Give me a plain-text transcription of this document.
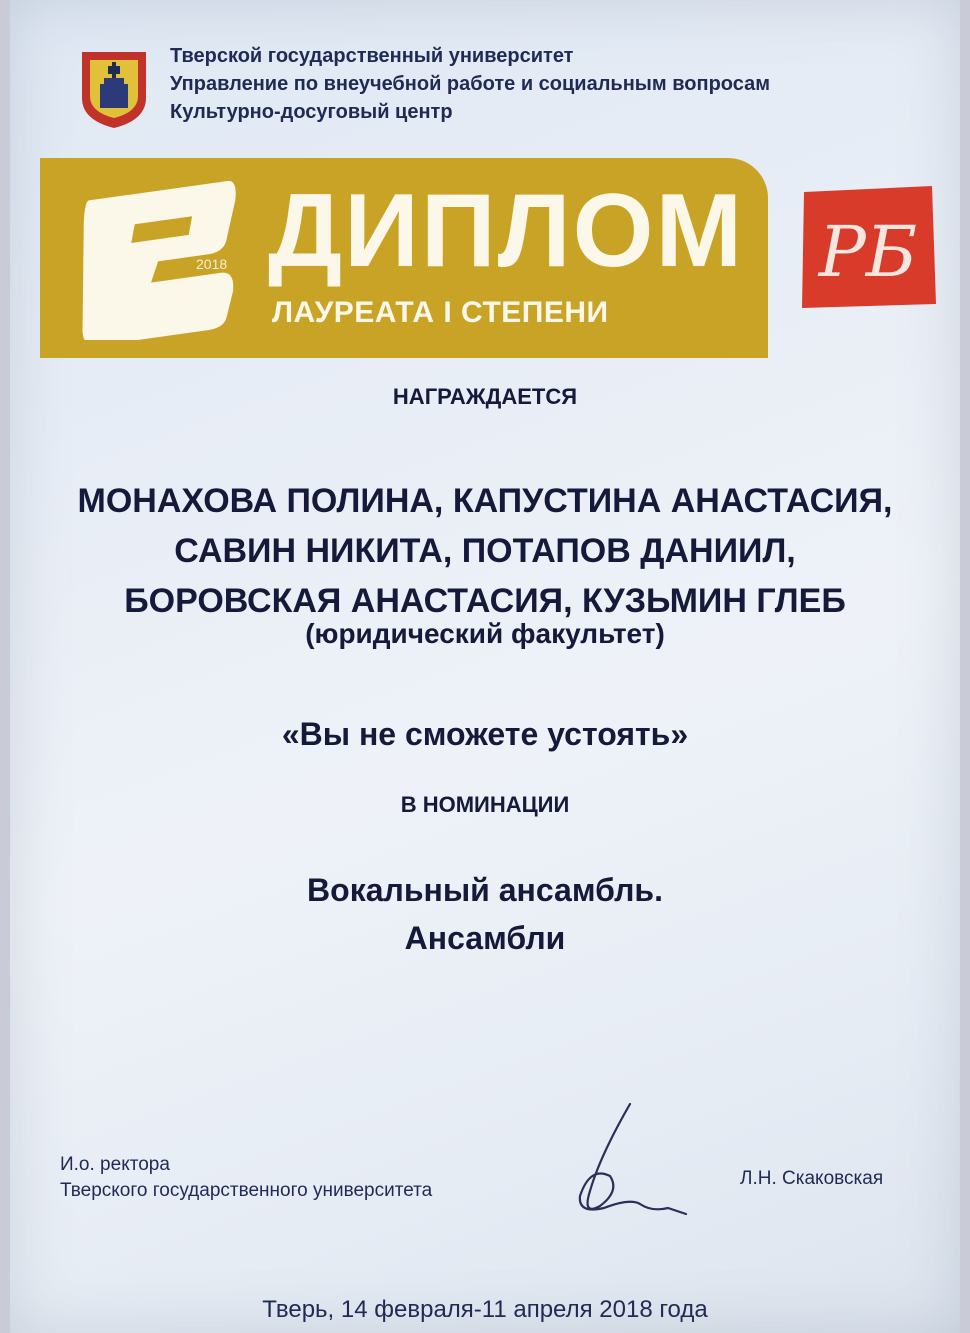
Тверской государственный университет
Управление по внеучебной работе и социальным вопросам
Культурно-досуговый центр
2018 ДИПЛОМ
ЛАУРЕАТА I СТЕПЕНИ
РБ
НАГРАЖДАЕТСЯ
МОНАХОВА ПОЛИНА, КАПУСТИНА АНАСТАСИЯ,
САВИН НИКИТА, ПОТАПОВ ДАНИИЛ,
БОРОВСКАЯ АНАСТАСИЯ, КУЗЬМИН ГЛЕБ
(юридический факультет)
«Вы не сможете устоять»
В НОМИНАЦИИ
Вокальный ансамбль.
Ансамбли
И.о. ректора
Тверского государственного университета
Л.Н. Скаковская
Тверь, 14 февраля-11 апреля 2018 года
